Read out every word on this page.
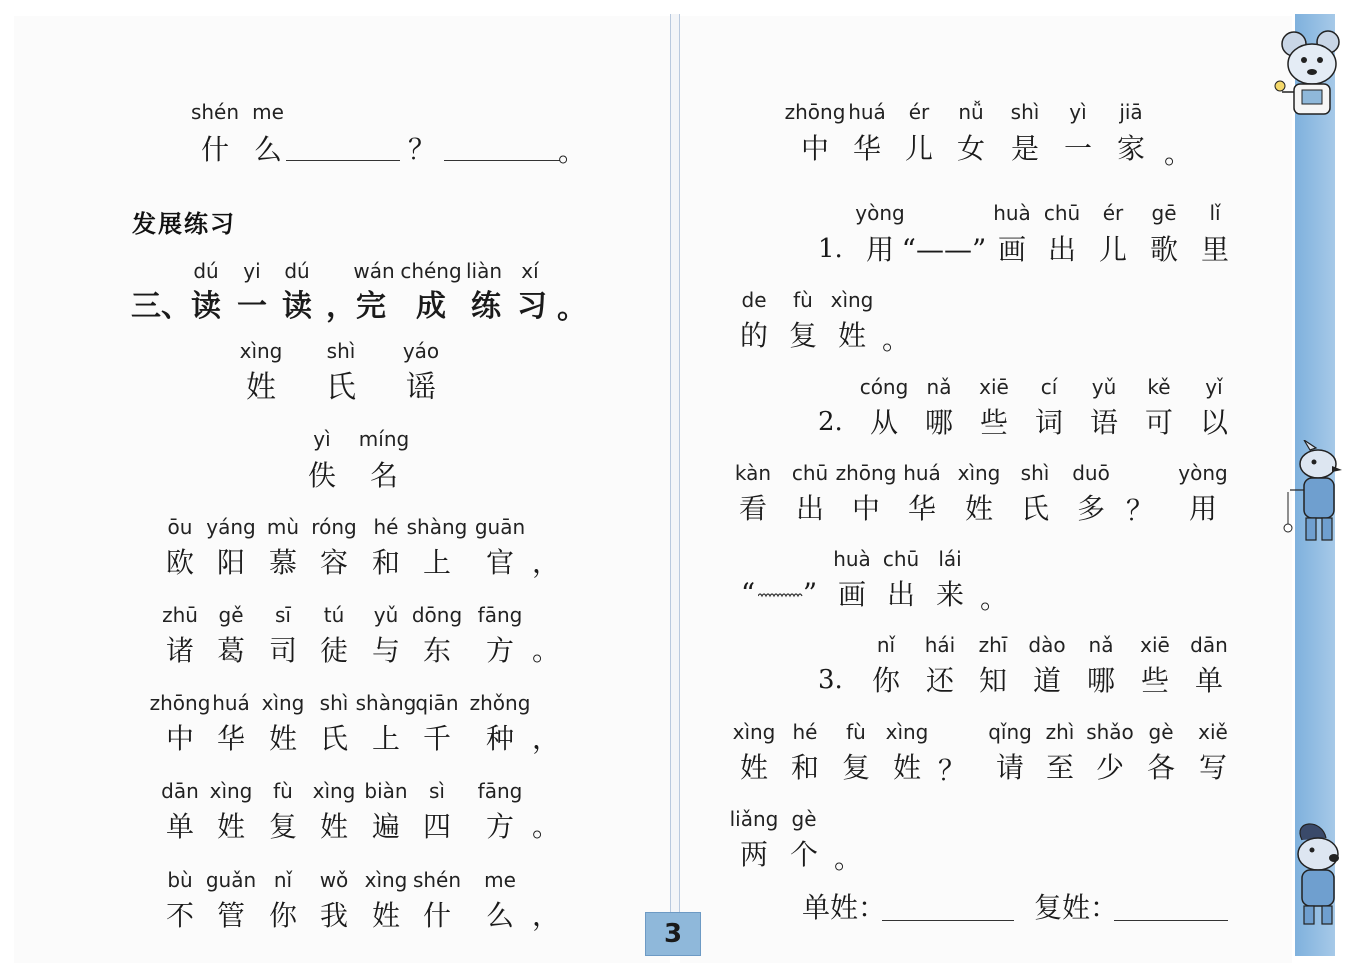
shén me
什 么	？	。
发展练习
dú yi dú wán chéng liàn xí
三、读 一 读 ，完 成 练 习 。
xìng shì yáo
姓 氏 谣
yì míng
佚 名
ōu yáng mù róng hé shàng guān
欧 阳 慕 容 和 上 官 ，
zhū gě sī tú yǔ dōng fāng
诸 葛 司 徒 与 东 方 。
zhōng huá xìng shì shàng qiān zhǒng
中 华 姓 氏 上 千 种 ，
dān xìng fù xìng biàn sì fāng
单 姓 复 姓 遍 四 方 。
bù guǎn nǐ wǒ xìng shén me
不 管 你 我 姓 什 么 ，
3
zhōng huá ér nǚ shì yì jiā
中 华 儿 女 是 一 家 。
yòng	huà chū ér gē lǐ
1. 用 “——” 画 出 儿 歌 里
de fù xìng
的 复 姓 。
cóng nǎ xiē cí yǔ kě yǐ
2. 从 哪 些 词 语 可 以
kàn chū zhōng huá xìng shì duō	yòng
看 出 中 华 姓 氏 多 ？ 用
huà chū lái
“ ” 画 出 来 。
nǐ hái zhī dào nǎ xiē dān
3. 你 还 知 道 哪 些 单
xìng hé fù xìng	qǐng zhì shǎo gè xiě
姓 和 复 姓 ？ 请 至 少 各 写
liǎng gè
两 个 。
单姓：	复姓：
